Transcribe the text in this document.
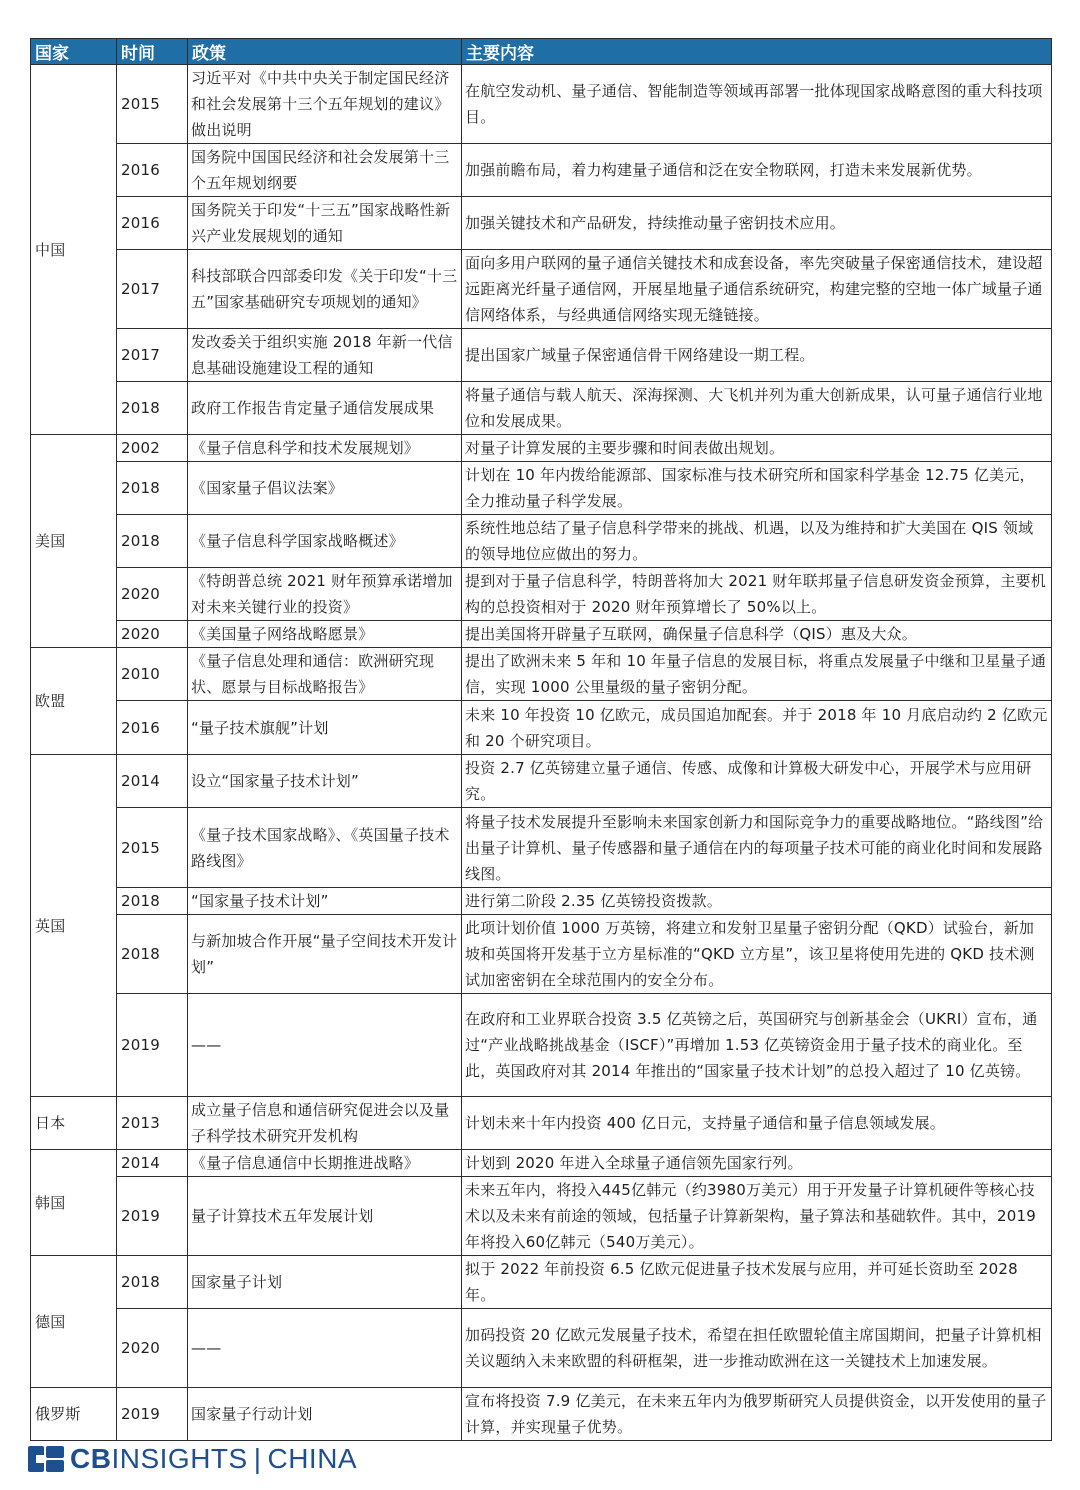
国家	时间	政策	主要内容
中国	2015	习近平对《中共中央关于制定国民经济和社会发展第十三个五年规划的建议》做出说明	在航空发动机、量子通信、智能制造等领域再部署一批体现国家战略意图的重大科技项目。
	2016	国务院中国国民经济和社会发展第十三个五年规划纲要	加强前瞻布局，着力构建量子通信和泛在安全物联网，打造未来发展新优势。
	2016	国务院关于印发“十三五”国家战略性新兴产业发展规划的通知	加强关键技术和产品研发，持续推动量子密钥技术应用。
	2017	科技部联合四部委印发《关于印发“十三五”国家基础研究专项规划的通知》	面向多用户联网的量子通信关键技术和成套设备，率先突破量子保密通信技术，建设超远距离光纤量子通信网，开展星地量子通信系统研究，构建完整的空地一体广域量子通信网络体系，与经典通信网络实现无缝链接。
	2017	发改委关于组织实施 2018 年新一代信息基础设施建设工程的通知	提出国家广域量子保密通信骨干网络建设一期工程。
	2018	政府工作报告肯定量子通信发展成果	将量子通信与载人航天、深海探测、大飞机并列为重大创新成果，认可量子通信行业地位和发展成果。
美国	2002	《量子信息科学和技术发展规划》	对量子计算发展的主要步骤和时间表做出规划。
	2018	《国家量子倡议法案》	计划在 10 年内拨给能源部、国家标准与技术研究所和国家科学基金 12.75 亿美元，全力推动量子科学发展。
	2018	《量子信息科学国家战略概述》	系统性地总结了量子信息科学带来的挑战、机遇，以及为维持和扩大美国在 QIS 领域的领导地位应做出的努力。
	2020	《特朗普总统 2021 财年预算承诺增加对未来关键行业的投资》	提到对于量子信息科学，特朗普将加大 2021 财年联邦量子信息研发资金预算，主要机构的总投资相对于 2020 财年预算增长了 50%以上。
	2020	《美国量子网络战略愿景》	提出美国将开辟量子互联网，确保量子信息科学（QIS）惠及大众。
欧盟	2010	《量子信息处理和通信：欧洲研究现状、愿景与目标战略报告》	提出了欧洲未来 5 年和 10 年量子信息的发展目标，将重点发展量子中继和卫星量子通信，实现 1000 公里量级的量子密钥分配。
	2016	“量子技术旗舰”计划	未来 10 年投资 10 亿欧元，成员国追加配套。并于 2018 年 10 月底启动约 2 亿欧元和 20 个研究项目。
英国	2014	设立“国家量子技术计划”	投资 2.7 亿英镑建立量子通信、传感、成像和计算极大研发中心，开展学术与应用研究。
	2015	《量子技术国家战略》、《英国量子技术路线图》	将量子技术发展提升至影响未来国家创新力和国际竞争力的重要战略地位。“路线图”给出量子计算机、量子传感器和量子通信在内的每项量子技术可能的商业化时间和发展路线图。
	2018	“国家量子技术计划”	进行第二阶段 2.35 亿英镑投资拨款。
	2018	与新加坡合作开展“量子空间技术开发计划”	此项计划价值 1000 万英镑，将建立和发射卫星量子密钥分配（QKD）试验台，新加坡和英国将开发基于立方星标准的“QKD 立方星”，该卫星将使用先进的 QKD 技术测试加密密钥在全球范围内的安全分布。
	2019	——	在政府和工业界联合投资 3.5 亿英镑之后，英国研究与创新基金会（UKRI）宣布，通过“产业战略挑战基金（ISCF）”再增加 1.53 亿英镑资金用于量子技术的商业化。至此，英国政府对其 2014 年推出的“国家量子技术计划”的总投入超过了 10 亿英镑。
日本	2013	成立量子信息和通信研究促进会以及量子科学技术研究开发机构	计划未来十年内投资 400 亿日元，支持量子通信和量子信息领域发展。
韩国	2014	《量子信息通信中长期推进战略》	计划到 2020 年进入全球量子通信领先国家行列。
	2019	量子计算技术五年发展计划	未来五年内，将投入445亿韩元（约3980万美元）用于开发量子计算机硬件等核心技术以及未来有前途的领域，包括量子计算新架构，量子算法和基础软件。其中，2019年将投入60亿韩元（540万美元）。
德国	2018	国家量子计划	拟于 2022 年前投资 6.5 亿欧元促进量子技术发展与应用，并可延长资助至 2028 年。
	2020	——	加码投资 20 亿欧元发展量子技术，希望在担任欧盟轮值主席国期间，把量子计算机相关议题纳入未来欧盟的科研框架，进一步推动欧洲在这一关键技术上加速发展。
俄罗斯	2019	国家量子行动计划	宣布将投资 7.9 亿美元，在未来五年内为俄罗斯研究人员提供资金，以开发使用的量子计算，并实现量子优势。
CBINSIGHTS | CHINA
